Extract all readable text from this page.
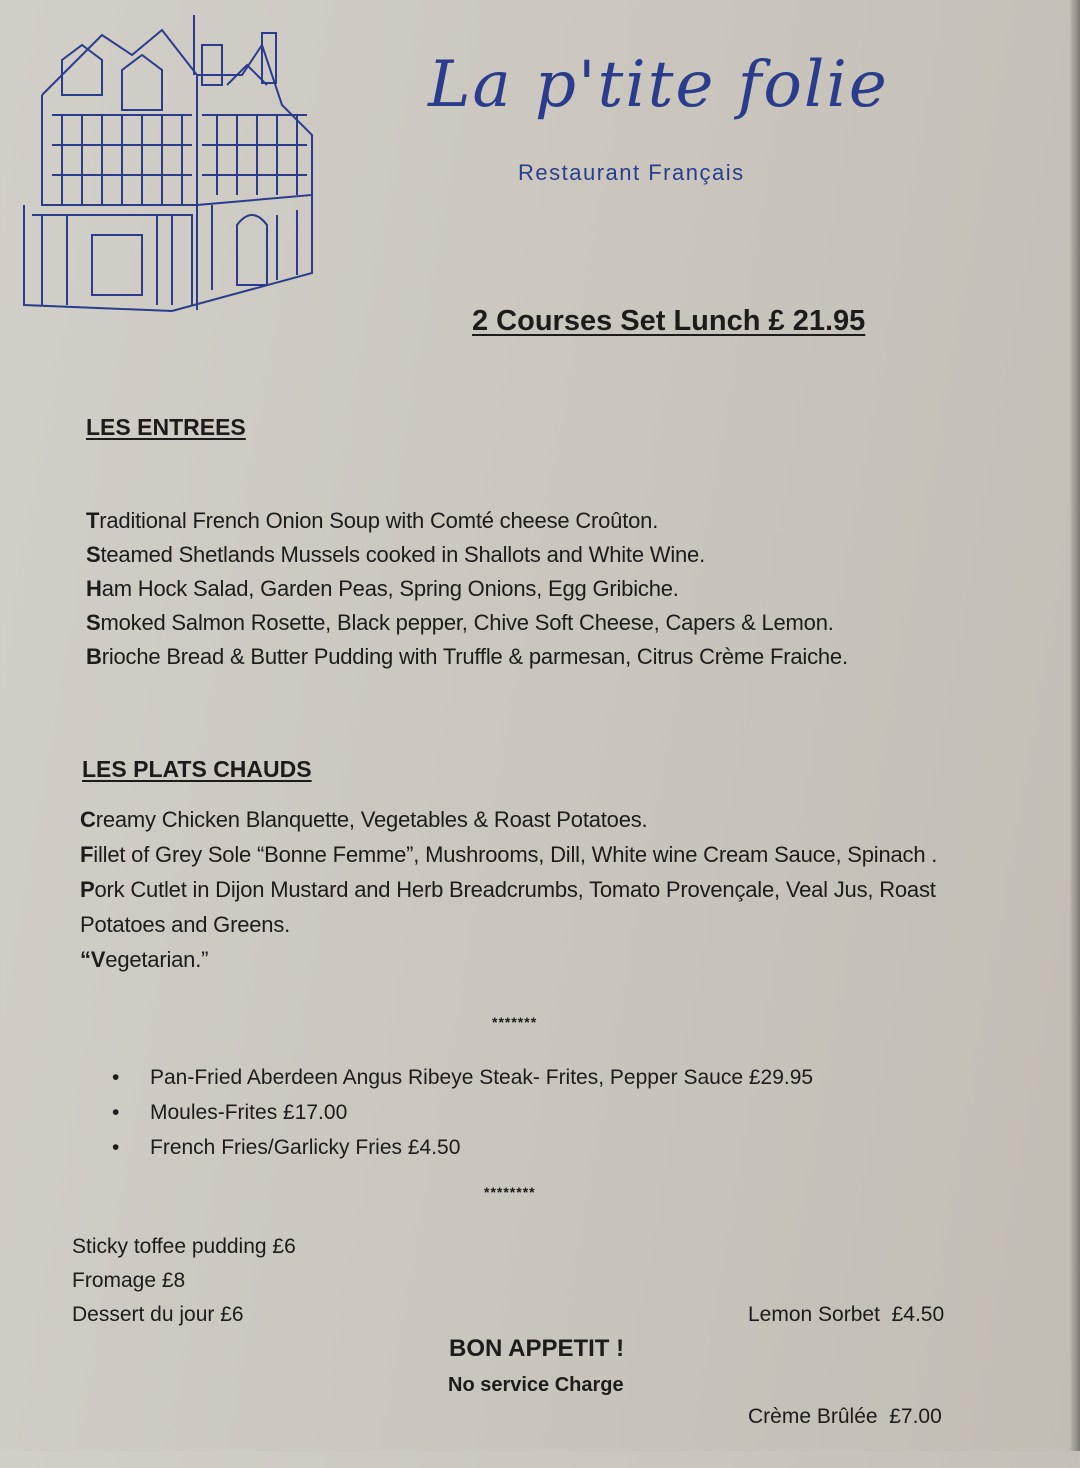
La p'tite folie
Restaurant Français
2 Courses Set Lunch £ 21.95
LES ENTREES
Traditional French Onion Soup with Comté cheese Croûton.
Steamed Shetlands Mussels cooked in Shallots and White Wine.
Ham Hock Salad, Garden Peas, Spring Onions, Egg Gribiche.
Smoked Salmon Rosette, Black pepper, Chive Soft Cheese, Capers & Lemon.
Brioche Bread & Butter Pudding with Truffle & parmesan, Citrus Crème Fraiche.
LES PLATS CHAUDS
Creamy Chicken Blanquette, Vegetables & Roast Potatoes.
Fillet of Grey Sole “Bonne Femme”, Mushrooms, Dill, White wine Cream Sauce, Spinach .
Pork Cutlet in Dijon Mustard and Herb Breadcrumbs, Tomato Provençale, Veal Jus, Roast Potatoes and Greens.
“Vegetarian.”
*******
• Pan-Fried Aberdeen Angus Ribeye Steak- Frites, Pepper Sauce £29.95
• Moules-Frites £17.00
• French Fries/Garlicky Fries £4.50
********
Sticky toffee pudding £6
Fromage £8
Dessert du jour £6

	Lemon Sorbet  £4.50

Crème Brûlée  £7.00

BON APPETIT !
No service Charge
